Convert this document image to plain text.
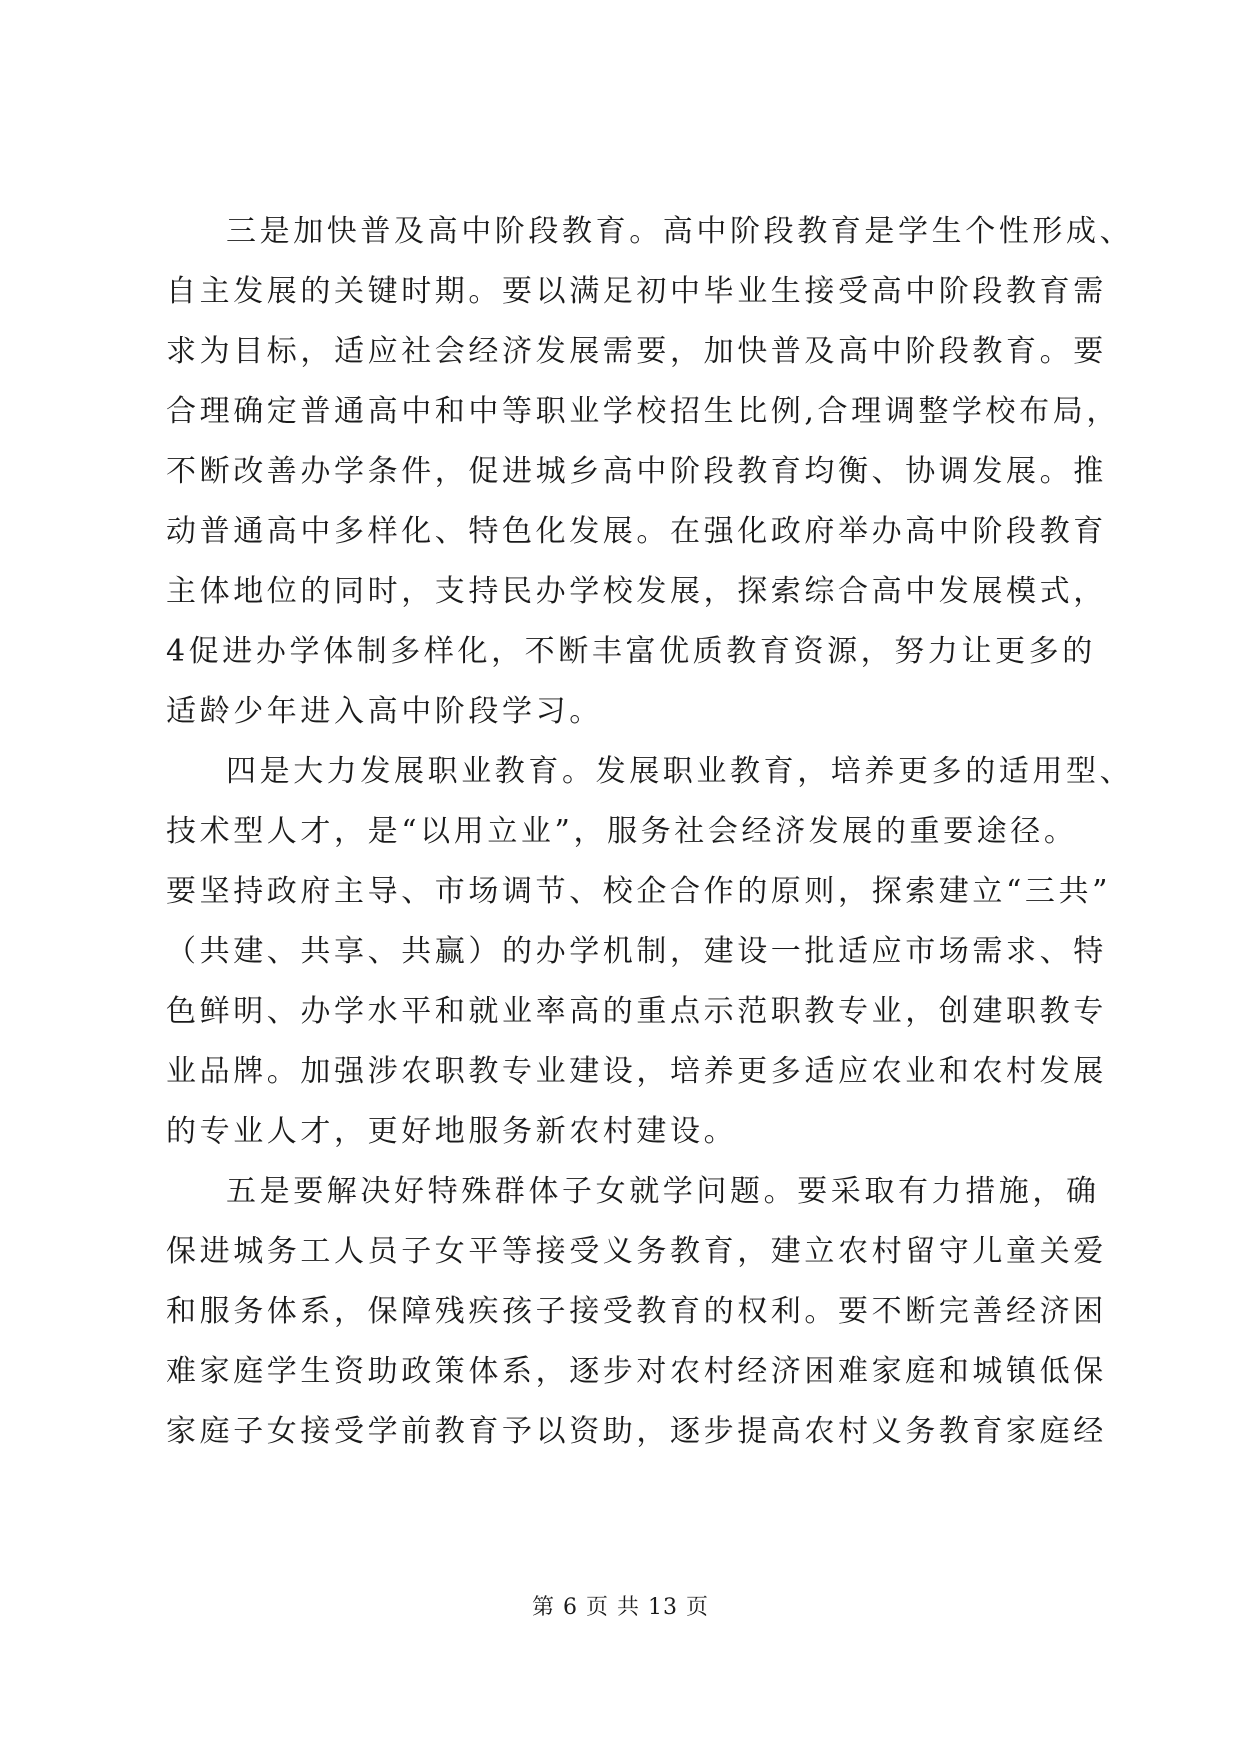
三是加快普及高中阶段教育。高中阶段教育是学生个性形成、
自主发展的关键时期。要以满足初中毕业生接受高中阶段教育需
求为目标，适应社会经济发展需要，加快普及高中阶段教育。要
合理确定普通高中和中等职业学校招生比例,合理调整学校布局，
不断改善办学条件，促进城乡高中阶段教育均衡、协调发展。推
动普通高中多样化、特色化发展。在强化政府举办高中阶段教育
主体地位的同时，支持民办学校发展，探索综合高中发展模式，
4促进办学体制多样化，不断丰富优质教育资源，努力让更多的
适龄少年进入高中阶段学习。
四是大力发展职业教育。发展职业教育，培养更多的适用型、
技术型人才，是“以用立业”，服务社会经济发展的重要途径。
要坚持政府主导、市场调节、校企合作的原则，探索建立“三共”
（共建、共享、共赢）的办学机制，建设一批适应市场需求、特
色鲜明、办学水平和就业率高的重点示范职教专业，创建职教专
业品牌。加强涉农职教专业建设，培养更多适应农业和农村发展
的专业人才，更好地服务新农村建设。
五是要解决好特殊群体子女就学问题。要采取有力措施，确
保进城务工人员子女平等接受义务教育，建立农村留守儿童关爱
和服务体系，保障残疾孩子接受教育的权利。要不断完善经济困
难家庭学生资助政策体系，逐步对农村经济困难家庭和城镇低保
家庭子女接受学前教育予以资助，逐步提高农村义务教育家庭经
第 6 页 共 13 页
